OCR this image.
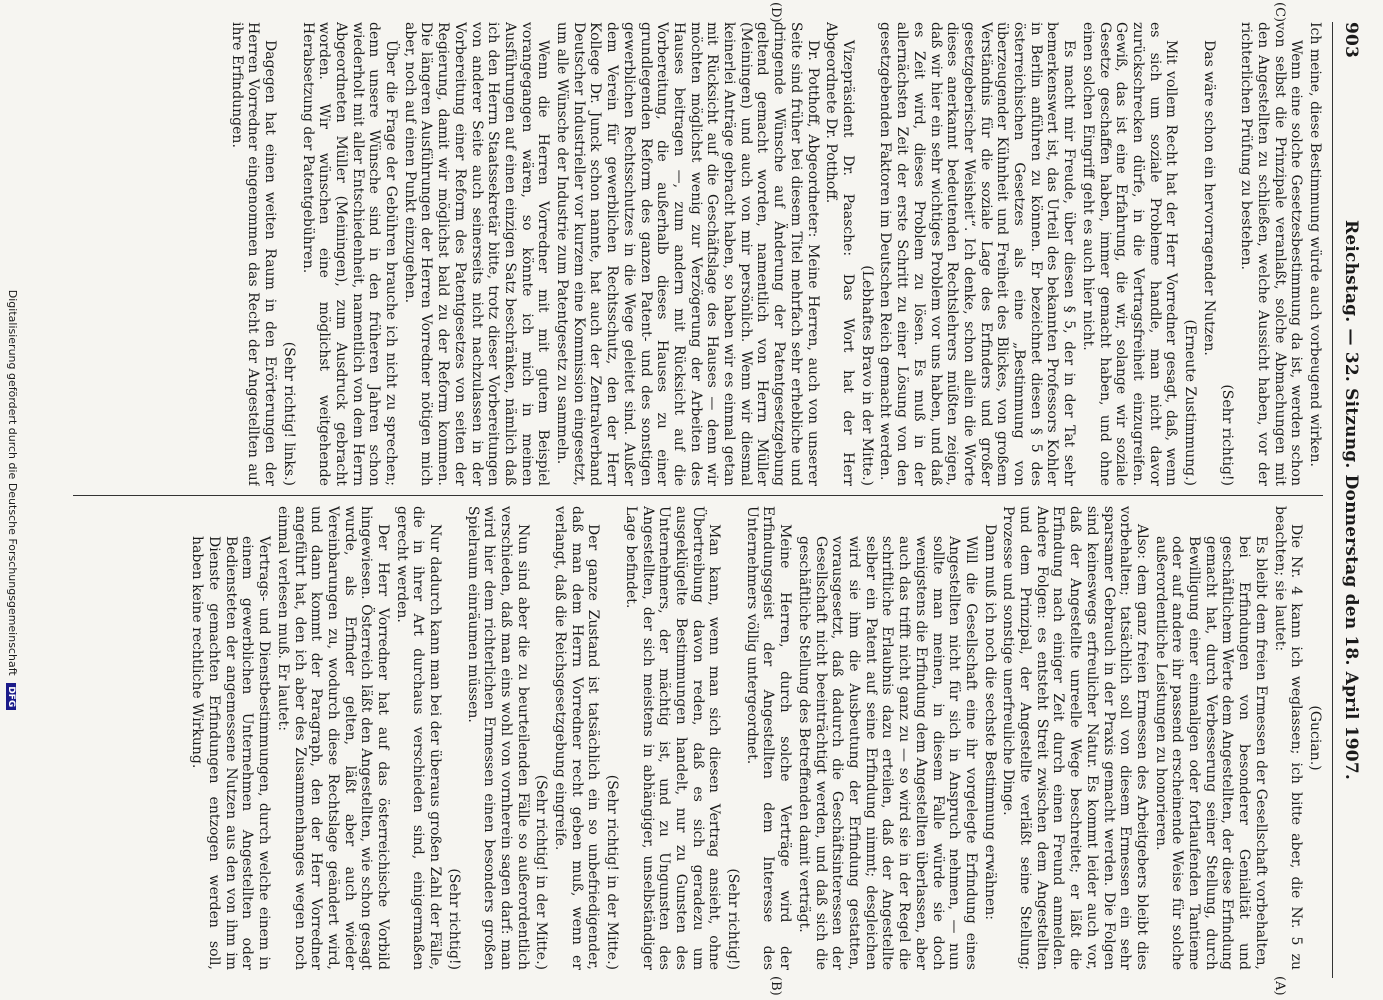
903
Reichstag. — 32. Sitzung. Donnerstag den 18. April 1907.
(A)
(B)
(C)
(D)

Ich meine, diese Bestimmung würde auch vorbeugend wirken.

Wenn eine solche Gesetzesbestimmung da ist, werden schon von selbst die Prinzipale veranlaßt, solche Abmachungen mit den Angestellten zu schließen, welche Aussicht haben, vor der richterlichen Prüfung zu bestehen.

(Sehr richtig!)

Das wäre schon ein hervorragender Nutzen.

(Erneute Zustimmung.)

Mit vollem Recht hat der Herr Vorredner gesagt, daß, wenn es sich um soziale Probleme handle, man nicht davor zurückschrecken dürfe, in die Vertragsfreiheit einzugreifen. Gewiß, das ist eine Erfahrung, die wir, solange wir soziale Gesetze geschaffen haben, immer gemacht haben, und ohne einen solchen Eingriff geht es auch hier nicht.

Es macht mir Freude, über diesen § 5, der in der Tat sehr bemerkenswert ist, das Urteil des bekannten Professors Kohler in Berlin anführen zu können. Er bezeichnet diesen § 5 des österreichischen Gesetzes als eine „Bestimmung von überzeugender Kühnheit und Freiheit des Blickes, von großem Verständnis für die soziale Lage des Erfinders und großer gesetzgeberischer Weisheit“. Ich denke, schon allein die Worte dieses anerkannt bedeutenden Rechtslehrers müßten zeigen, daß wir hier ein sehr wichtiges Problem vor uns haben, und daß es Zeit wird, dieses Problem zu lösen. Es muß in der allernächsten Zeit der erste Schritt zu einer Lösung von den gesetzgebenden Faktoren im Deutschen Reich gemacht werden.

(Lebhaftes Bravo in der Mitte.)

Vizepräsident Dr. Paasche: Das Wort hat der Herr Abgeordnete Dr. Potthoff.

Dr. Potthoff, Abgeordneter: Meine Herren, auch von unserer Seite sind früher bei diesem Titel mehrfach sehr erhebliche und dringende Wünsche auf Änderung der Patentgesetzgebung geltend gemacht worden, namentlich von Herrn Müller (Meiningen) und auch von mir persönlich. Wenn wir diesmal keinerlei Anträge gebracht haben, so haben wir es einmal getan mit Rücksicht auf die Geschäftslage des Hauses — denn wir möchten möglichst wenig zur Verzögerung der Arbeiten des Hauses beitragen —, zum andern mit Rücksicht auf die Vorbereitung, die außerhalb dieses Hauses zu einer grundlegenden Reform des ganzen Patent- und des sonstigen gewerblichen Rechtsschutzes in die Wege geleitet sind. Außer dem Verein für gewerblichen Rechtsschutz, den der Herr Kollege Dr. Junck schon nannte, hat auch der Zentralverband Deutscher Industrieller vor kurzem eine Kommission eingesetzt, um alle Wünsche der Industrie zum Patentgesetz zu sammeln.

Wenn die Herren Vorredner mit mit gutem Beispiel vorangegangen wären, so könnte ich mich in meinen Ausführungen auf einen einzigen Satz beschränken, nämlich daß ich den Herrn Staatssekretär bitte, trotz dieser Vorbereitungen von anderer Seite auch seinerseits nicht nachzulassen in der Vorbereitung einer Reform des Patentgesetzes von seiten der Regierung, damit wir möglichst bald zu der Reform kommen. Die längeren Ausführungen der Herren Vorredner nötigen mich aber, noch auf einen Punkt einzugehen.

Über die Frage der Gebühren brauche ich nicht zu sprechen; denn unsere Wünsche sind in den früheren Jahren schon wiederholt mit aller Entschiedenheit, namentlich von dem Herrn Abgeordneten Müller (Meiningen), zum Ausdruck gebracht worden. Wir wünschen eine möglichst weitgehende Herabsetzung der Patentgebühren.

(Sehr richtig! links.)

Dagegen hat einen weiten Raum in den Erörterungen der Herren Vorredner eingenommen das Recht der Angestellten auf ihre Erfindungen.

(Gucian.)

Die Nr. 4 kann ich weglassen; ich bitte aber, die Nr. 5 zu beachten; sie lautet:

Es bleibt dem freien Ermessen der Gesellschaft vorbehalten, bei Erfindungen von besonderer Genialität und geschäftlichem Werte dem Angestellten, der diese Erfindung gemacht hat, durch Verbesserung seiner Stellung, durch Bewilligung einer einmaligen oder fortlaufenden Tantieme oder auf andere ihr passend erscheinende Weise für solche außerordentliche Leistungen zu honorieren.

Also: dem ganz freien Ermessen des Arbeitgebers bleibt dies vorbehalten; tatsächlich soll von diesem Ermessen ein sehr sparsamer Gebrauch in der Praxis gemacht werden. Die Folgen sind keineswegs erfreulicher Natur. Es kommt leider auch vor, daß der Angestellte unreelle Wege beschreitet; er läßt die Erfindung nach einiger Zeit durch einen Freund anmelden. Andere Folgen: es entsteht Streit zwischen dem Angestellten und dem Prinzipal, der Angestellte verläßt seine Stellung; Prozesse und sonstige unerfreuliche Dinge.

Dann muß ich noch die sechste Bestimmung erwähnen:

Will die Gesellschaft eine ihr vorgelegte Erfindung eines Angestellten nicht für sich in Anspruch nehmen, — nun sollte man meinen, in diesem Falle würde sie doch wenigstens die Erfindung dem Angestellten überlassen, aber auch das trifft nicht ganz zu — so wird sie in der Regel die schriftliche Erlaubnis dazu erteilen, daß der Angestellte selber ein Patent auf seine Erfindung nimmt; desgleichen wird sie ihm die Ausbeutung der Erfindung gestatten, vorausgesetzt, daß dadurch die Geschäftsinteressen der Gesellschaft nicht beeinträchtigt werden, und daß sich die geschäftliche Stellung des Betreffenden damit verträgt.

Meine Herren, durch solche Verträge wird der Erfindungsgeist der Angestellten dem Interesse des Unternehmers völlig untergeordnet.

(Sehr richtig!)

Man kann, wenn man sich diesen Vertrag ansieht, ohne Übertreibung davon reden, daß es sich geradezu um ausgeklügelte Bestimmungen handelt, nur zu Gunsten des Unternehmers, der mächtig ist, und zu Ungunsten des Angestellten, der sich meistens in abhängiger, unselbständiger Lage befindet.

(Sehr richtig! in der Mitte.)

Der ganze Zustand ist tatsächlich ein so unbefriedigender, daß man dem Herrn Vorredner recht geben muß, wenn er verlangt, daß die Reichsgesetzgebung eingreife.

(Sehr richtig! in der Mitte.)

Nun sind aber die zu beurteilenden Fälle so außerordentlich verschieden, daß man eins wohl von vornherein sagen darf: man wird hier dem richterlichen Ermessen einen besonders großen Spielraum einräumen müssen.

(Sehr richtig!)

Nur dadurch kann man bei der überaus großen Zahl der Fälle, die in ihrer Art durchaus verschieden sind, einigermaßen gerecht werden.

Der Herr Vorredner hat auf das österreichische Vorbild hingewiesen. Österreich läßt den Angestellten, wie schon gesagt wurde, als Erfinder gelten, läßt aber auch wieder Vereinbarungen zu, wodurch diese Rechtslage geändert wird, und dann kommt der Paragraph, den der Herr Vorredner angeführt hat, den ich aber des Zusammenhanges wegen noch einmal verlesen muß. Er lautet:

Vertrags- und Dienstbestimmungen, durch welche einem in einem gewerblichen Unternehmen Angestellten oder Bediensteten der angemessene Nutzen aus den von ihm im Dienste gemachten Erfindungen entzogen werden soll, haben keine rechtliche Wirkung.

Digitalisierung gefördert durch die Deutsche Forschungsgemeinschaft DFG
